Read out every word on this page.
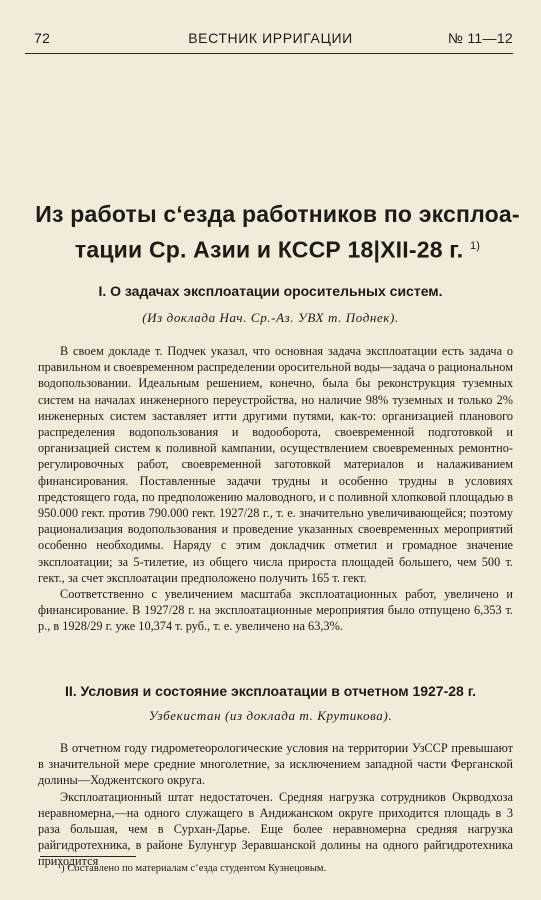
72	ВЕСТНИК ИРРИГАЦИИ	№ 11—12
Из работы с‘езда работников по эксплоа-
тации Ср. Азии и КССР 18|XII-28 г. $^{1)}$
I. О задачах эксплоатации оросительных систем.
(Из доклада Нач. Ср.-Аз. УВХ т. Поднек).

В своем докладе т. Подчек указал, что основная задача эксплоатации есть задача о правильном и своевременном распределении оросительной воды—задача о рациональном водопользовании. Идеальным решением, конечно, была бы реконструкция туземных систем на началах инженерного переустройства, но наличие 98% туземных и только 2% инженерных систем заставляет итти другими путями, как-то: организацией планового распределения водопользования и водооборота, своевременной подготовкой и организацией систем к поливной кампании, осуществлением своевременных ремонтно-регулировочных работ, своевременной заготовкой материалов и налаживанием финансирования. Поставленные задачи трудны и особенно трудны в условиях предстоящего года, по предположению маловодного, и с поливной хлопковой площадью в 950.000 гект. против 790.000 гект. 1927/28 г., т. е. значительно увеличивающейся; поэтому рационализация водопользования и проведение указанных своевременных мероприятий особенно необходимы. Наряду с этим докладчик отметил и громадное значение эксплоатации; за 5-тилетие, из общего числа прироста площадей большего, чем 500 т. гект., за счет эксплоатации предположено получить 165 т. гект.

Соответственно с увеличением масштаба эксплоатационных работ, увеличено и финансирование. В 1927/28 г. на эксплоатационные мероприятия было отпущено 6,353 т. р., в 1928/29 г. уже 10,374 т. руб., т. е. увеличено на 63,3%.

II. Условия и состояние эксплоатации в отчетном 1927-28 г.
Узбекистан (из доклада т. Крутикова).

В отчетном году гидрометеорологические условия на территории УзССР превышают в значительной мере средние многолетние, за исключением западной части Ферганской долины—Ходжентского округа.

Эксплоатационный штат недостаточен. Средняя нагрузка сотрудников Окрводхоза неравномерна,—на одного служащего в Андижанском округе приходится площадь в 3 раза большая, чем в Сурхан-Дарье. Еще более неравномерна средняя нагрузка райгидротехника, в районе Булунгур Зеравшанской долины на одного райгидротехника приходится

¹) Составлено по материалам с‘езда студентом Кузнецовым.
